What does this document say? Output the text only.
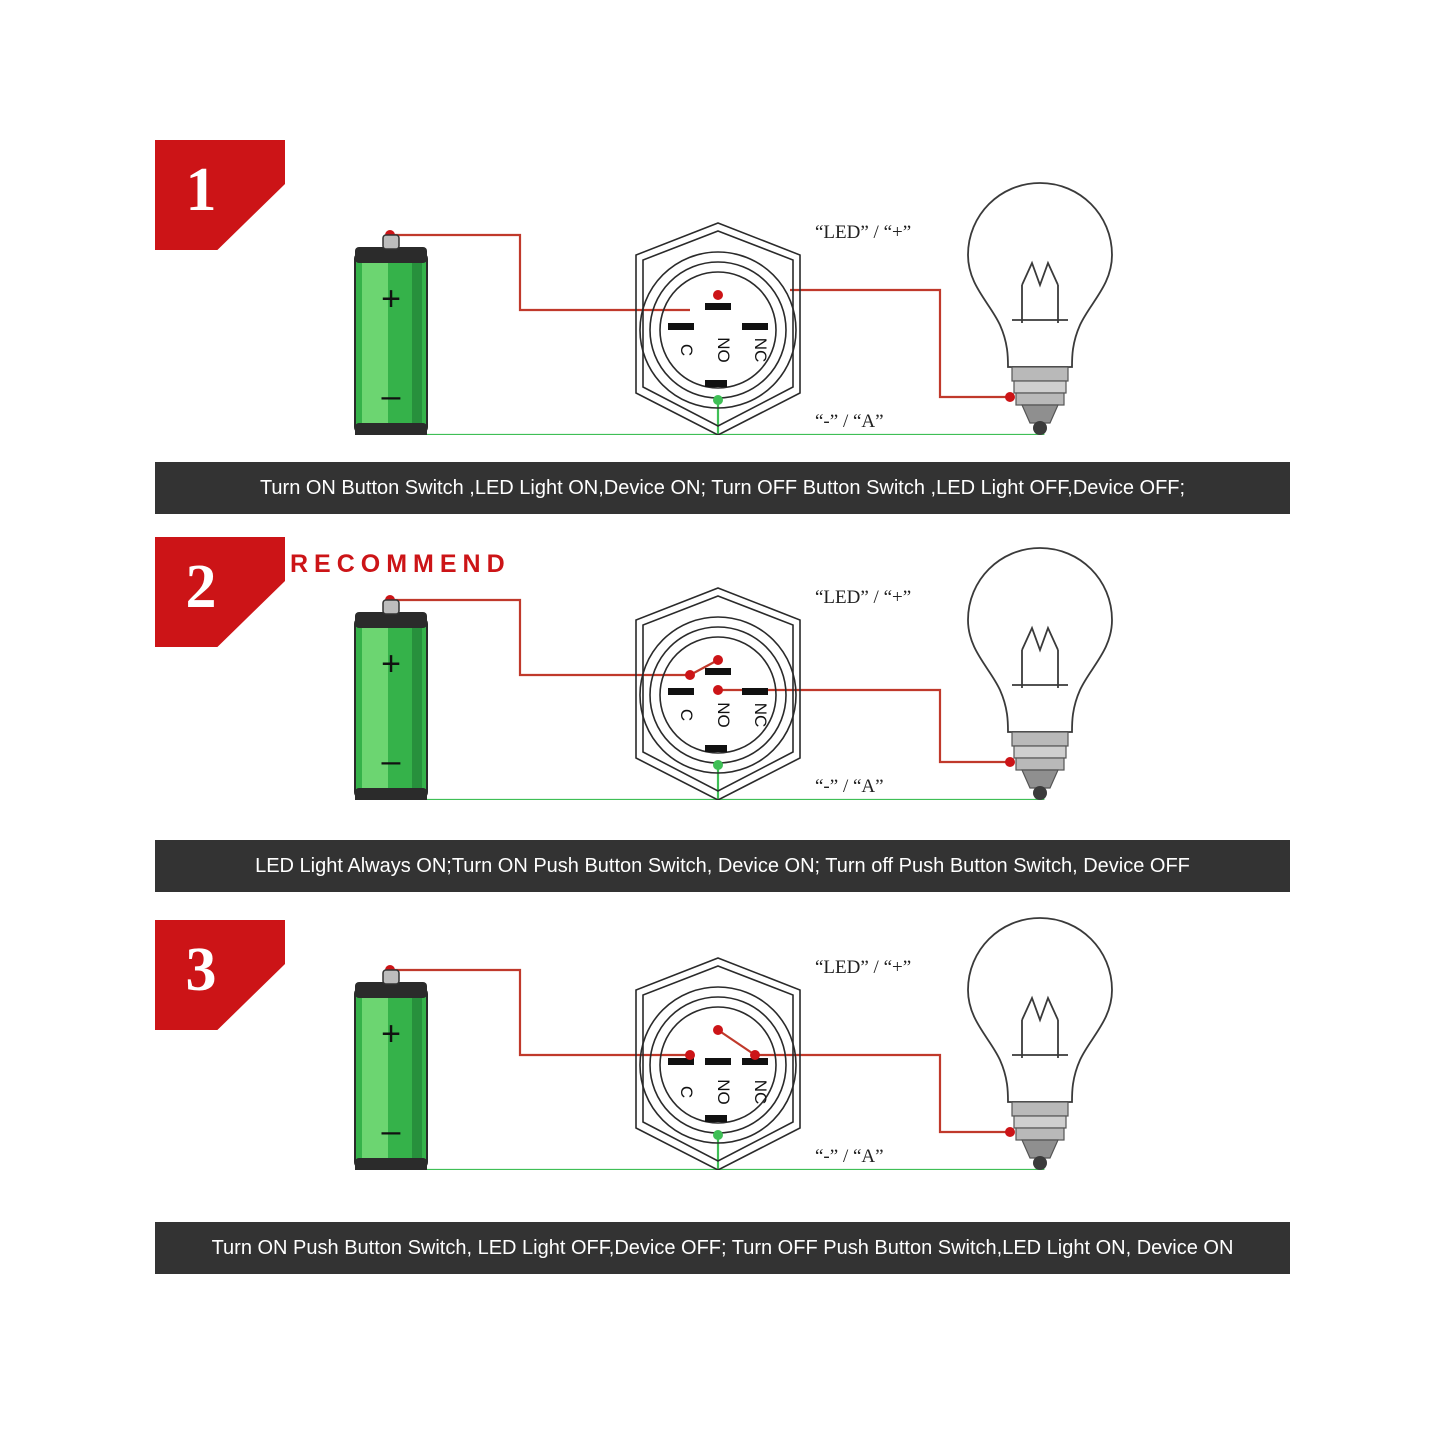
1
+
–
C NO NC
“LED” / “+”
“-” / “A”
Turn ON Button Switch ,LED Light ON,Device ON; Turn OFF Button Switch ,LED Light OFF,Device OFF;
2	RECOMMEND
+
–
C NO NC
“LED” / “+”
“-” / “A”
LED Light Always ON;Turn ON Push Button Switch, Device ON; Turn off Push Button Switch, Device OFF
3
+
–
C NO NC
“LED” / “+”
“-” / “A”
Turn ON Push Button Switch, LED Light OFF,Device OFF; Turn OFF Push Button Switch,LED Light ON, Device ON
